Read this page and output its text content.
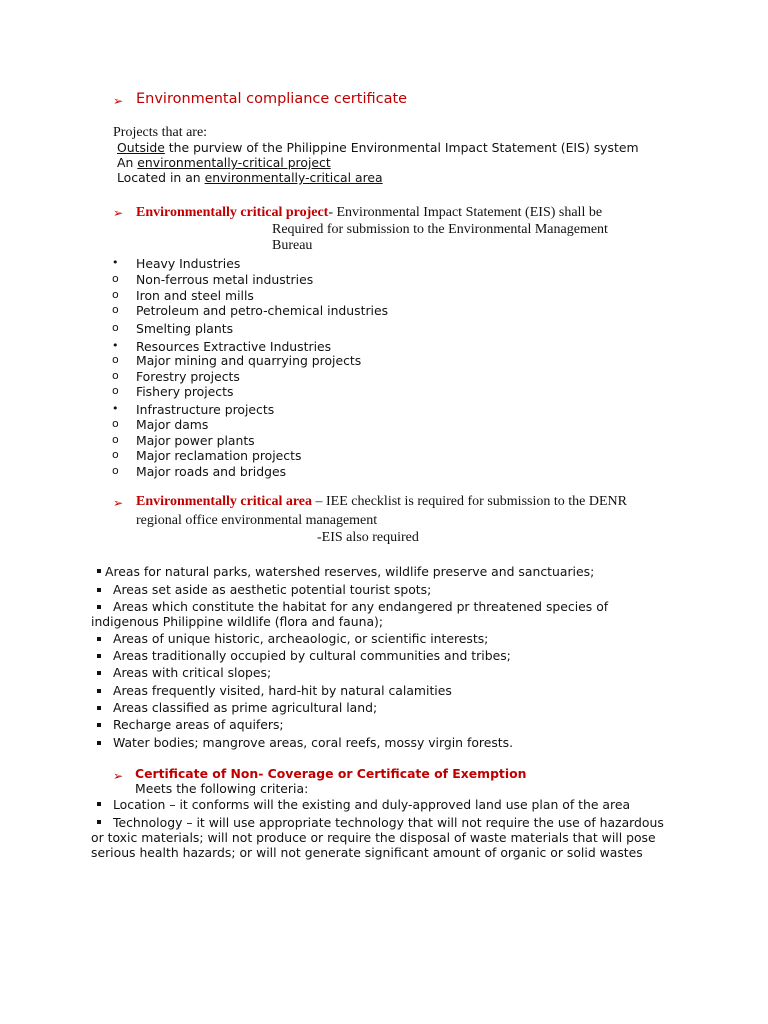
➢ Environmental compliance certificate
Projects that are:
Outside the purview of the Philippine Environmental Impact Statement (EIS) system
An environmentally-critical project
Located in an environmentally-critical area
➢ Environmentally critical project- Environmental Impact Statement (EIS) shall be
Required for submission to the Environmental Management
Bureau
• Heavy Industries
o Non-ferrous metal industries
o Iron and steel mills
o Petroleum and petro-chemical industries
o Smelting plants
• Resources Extractive Industries
o Major mining and quarrying projects
o Forestry projects
o Fishery projects
• Infrastructure projects
o Major dams
o Major power plants
o Major reclamation projects
o Major roads and bridges
➢ Environmentally critical area – IEE checklist is required for submission to the DENR
regional office environmental management
-EIS also required
Areas for natural parks, watershed reserves, wildlife preserve and sanctuaries;
Areas set aside as aesthetic potential tourist spots;
Areas which constitute the habitat for any endangered pr threatened species of
indigenous Philippine wildlife (flora and fauna);
Areas of unique historic, archeaologic, or scientific interests;
Areas traditionally occupied by cultural communities and tribes;
Areas with critical slopes;
Areas frequently visited, hard-hit by natural calamities
Areas classified as prime agricultural land;
Recharge areas of aquifers;
Water bodies; mangrove areas, coral reefs, mossy virgin forests.
➢ Certificate of Non- Coverage or Certificate of Exemption
Meets the following criteria:
Location – it conforms will the existing and duly-approved land use plan of the area
Technology – it will use appropriate technology that will not require the use of hazardous
or toxic materials; will not produce or require the disposal of waste materials that will pose
serious health hazards; or will not generate significant amount of organic or solid wastes
